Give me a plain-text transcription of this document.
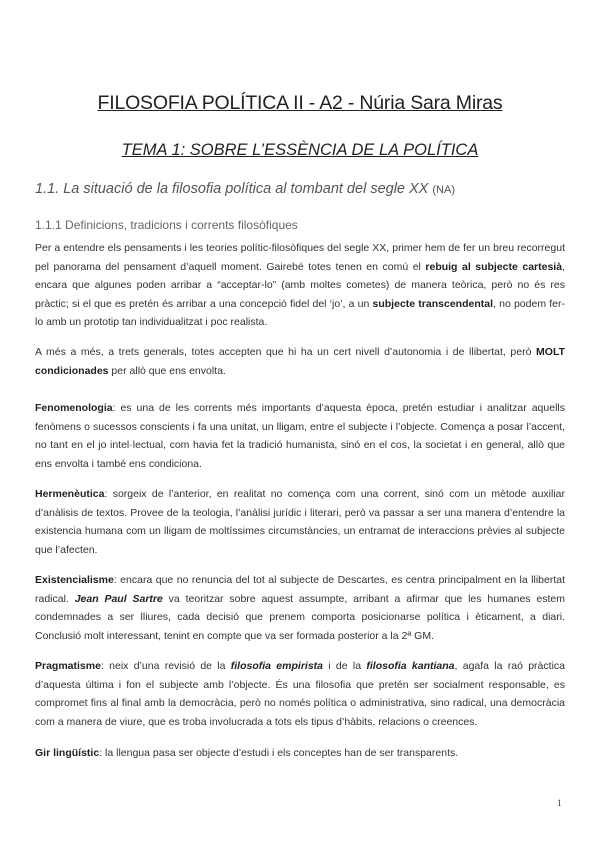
FILOSOFIA POLÍTICA II - A2 - Núria Sara Miras
TEMA 1: SOBRE L’ESSÈNCIA DE LA POLÍTICA
1.1. La situació de la filosofia política al tombant del segle XX (NA)
1.1.1 Definicions, tradicions i corrents filosòfiques

Per a entendre els pensaments i les teories polític-filosòfiques del segle XX, primer hem de fer un breu recorregut pel panorama del pensament d’aquell moment. Gairebé totes tenen en comú el rebuig al subjecte cartesià, encara que algunes poden arribar a “acceptar-lo” (amb moltes cometes) de manera teòrica, però no és res pràctic; si el que es pretén és arribar a una concepció fidel del ‘jo’, a un subjecte transcendental, no podem fer-lo amb un prototip tan individualitzat i poc realista.

A més a més, a trets generals, totes accepten que hi ha un cert nivell d’autonomia i de llibertat, però MOLT condicionades per allò que ens envolta.

Fenomenologia: es una de les corrents més importants d’aquesta època, pretén estudiar i analitzar aquells fenòmens o sucessos conscients i fa una unitat, un lligam, entre el subjecte i l’objecte. Comença a posar l’accent, no tant en el jo intel·lectual, com havia fet la tradició humanista, sinó en el cos, la societat i en general, allò que ens envolta i també ens condiciona.

Hermenèutica: sorgeix de l’anterior, en realitat no comença com una corrent, sinó com un mètode auxiliar d’anàlisis de textos. Provee de la teologia, l’anàlisi jurídic i literari, però va passar a ser una manera d’entendre la existencia humana com un lligam de moltíssimes circumstàncies, un entramat de interaccions prèvies al subjecte que l’afecten.

Existencialisme: encara que no renuncia del tot al subjecte de Descartes, es centra principalment en la llibertat radical. Jean Paul Sartre va teoritzar sobre aquest assumpte, arribant a afirmar que les humanes estem condemnades a ser lliures, cada decisió que prenem comporta posicionarse política i èticament, a diari. Conclusió molt interessant, tenint en compte que va ser formada posterior a la 2ª GM.

Pragmatisme: neix d’una revisió de la filosofia empirista i de la filosofia kantiana, agafa la raó pràctica d’aquesta última i fon el subjecte amb l’objecte. És una filosofia que pretén ser socialment responsable, es compromet fins al final amb la democràcia, però no només política o administrativa, sino radical, una democràcia com a manera de viure, que es troba involucrada a tots els tipus d’hàbits, relacions o creences.

Gir lingüístic: la llengua pasa ser objecte d’estudi i els conceptes han de ser transparents.

1
